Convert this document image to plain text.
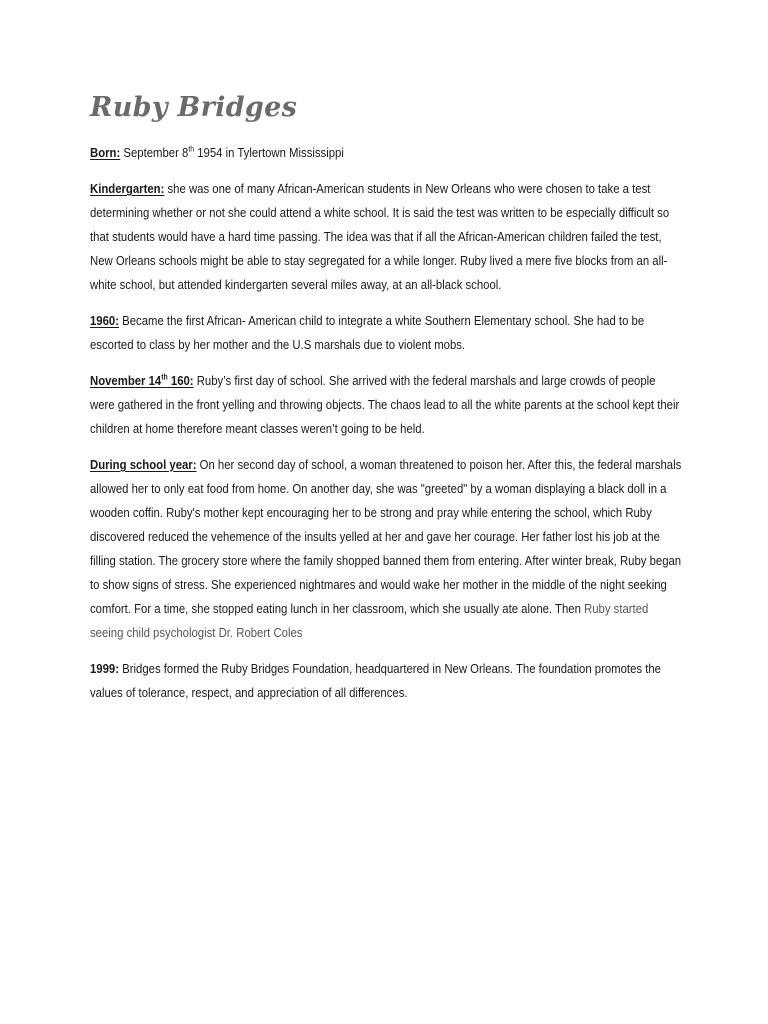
Ruby Bridges

Born: September 8th 1954 in Tylertown Mississippi

Kindergarten: she was one of many African-American students in New Orleans who were chosen to take a test determining whether or not she could attend a white school. It is said the test was written to be especially difficult so that students would have a hard time passing. The idea was that if all the African-American children failed the test, New Orleans schools might be able to stay segregated for a while longer. Ruby lived a mere five blocks from an all-white school, but attended kindergarten several miles away, at an all-black school.

1960: Became the first African- American child to integrate a white Southern Elementary school. She had to be escorted to class by her mother and the U.S marshals due to violent mobs.

November 14th 160: Ruby’s first day of school. She arrived with the federal marshals and large crowds of people were gathered in the front yelling and throwing objects. The chaos lead to all the white parents at the school kept their children at home therefore meant classes weren’t going to be held.

During school year: On her second day of school, a woman threatened to poison her. After this, the federal marshals allowed her to only eat food from home. On another day, she was "greeted" by a woman displaying a black doll in a wooden coffin. Ruby's mother kept encouraging her to be strong and pray while entering the school, which Ruby discovered reduced the vehemence of the insults yelled at her and gave her courage. Her father lost his job at the filling station. The grocery store where the family shopped banned them from entering. After winter break, Ruby began to show signs of stress. She experienced nightmares and would wake her mother in the middle of the night seeking comfort. For a time, she stopped eating lunch in her classroom, which she usually ate alone. Then Ruby started seeing child psychologist Dr. Robert Coles

1999: Bridges formed the Ruby Bridges Foundation, headquartered in New Orleans. The foundation promotes the values of tolerance, respect, and appreciation of all differences.
